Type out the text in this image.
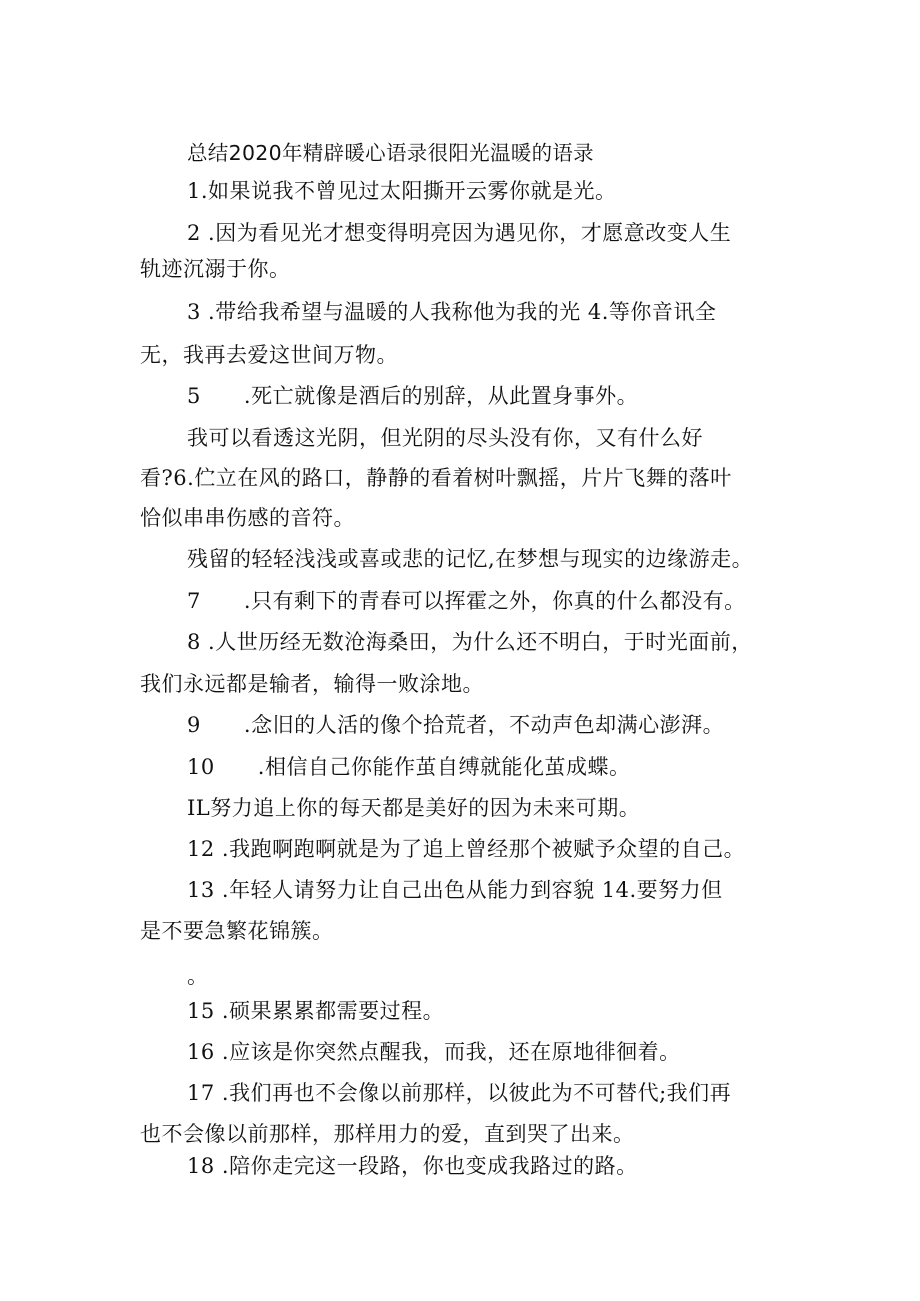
总结2020年精辟暖心语录很阳光温暖的语录
1.如果说我不曾见过太阳撕开云雾你就是光。
2 .因为看见光才想变得明亮因为遇见你，才愿意改变人生
轨迹沉溺于你。
3 .带给我希望与温暖的人我称他为我的光 4.等你音讯全
无，我再去爱这世间万物。
5      .死亡就像是酒后的别辞，从此置身事外。
我可以看透这光阴，但光阴的尽头没有你，又有什么好
看?6.伫立在风的路口，静静的看着树叶飘摇，片片飞舞的落叶
恰似串串伤感的音符。
残留的轻轻浅浅或喜或悲的记忆,在梦想与现实的边缘游走。
7      .只有剩下的青春可以挥霍之外，你真的什么都没有。
8 .人世历经无数沧海桑田，为什么还不明白，于时光面前，
我们永远都是输者，输得一败涂地。
9      .念旧的人活的像个拾荒者，不动声色却满心澎湃。
10      .相信自己你能作茧自缚就能化茧成蝶。
IL努力追上你的每天都是美好的因为未来可期。
12 .我跑啊跑啊就是为了追上曾经那个被赋予众望的自己。
13 .年轻人请努力让自己出色从能力到容貌 14.要努力但
是不要急繁花锦簇。
。
15 .硕果累累都需要过程。
16 .应该是你突然点醒我，而我，还在原地徘徊着。
17 .我们再也不会像以前那样，以彼此为不可替代;我们再
也不会像以前那样，那样用力的爱，直到哭了出来。
18 .陪你走完这一段路，你也变成我路过的路。
